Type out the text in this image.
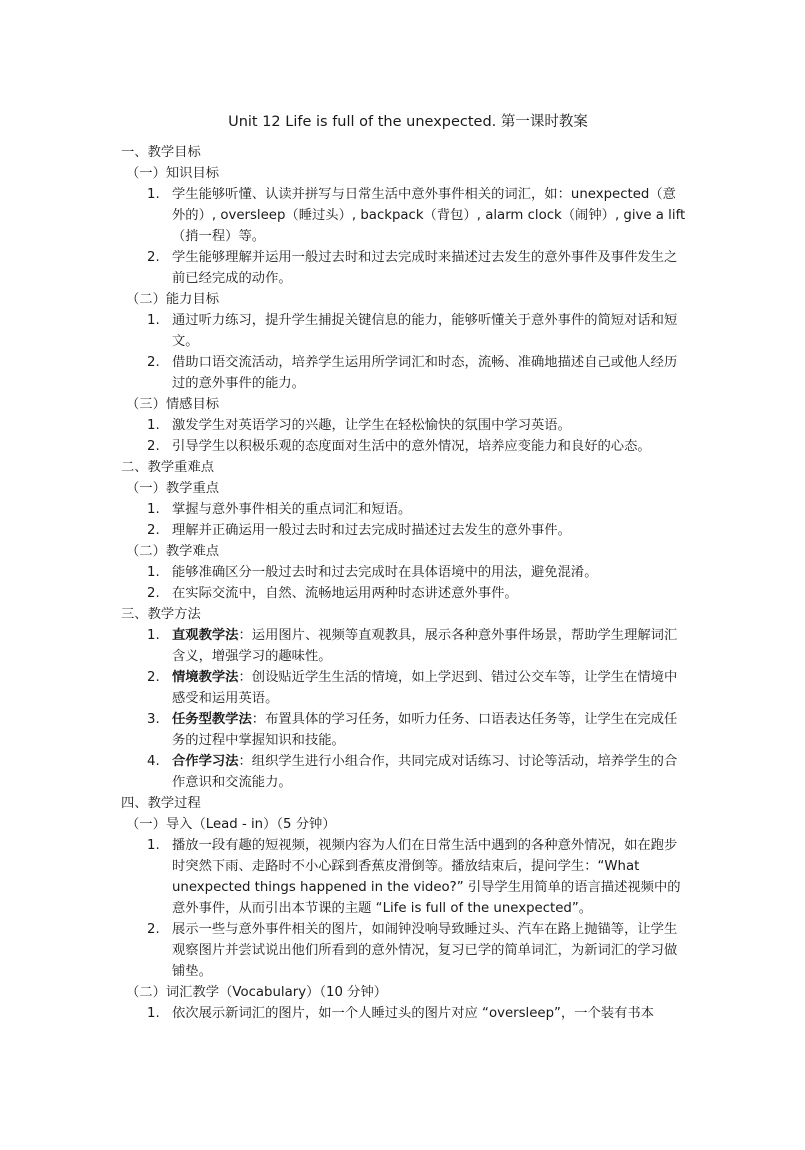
Unit 12 Life is full of the unexpected. 第一课时教案
一、教学目标
（一）知识目标
1. 学生能够听懂、认读并拼写与日常生活中意外事件相关的词汇，如：unexpected（意外的）, oversleep（睡过头）, backpack（背包）, alarm clock（闹钟）, give a lift（捎一程）等。
2. 学生能够理解并运用一般过去时和过去完成时来描述过去发生的意外事件及事件发生之前已经完成的动作。
（二）能力目标
1. 通过听力练习，提升学生捕捉关键信息的能力，能够听懂关于意外事件的简短对话和短文。
2. 借助口语交流活动，培养学生运用所学词汇和时态，流畅、准确地描述自己或他人经历过的意外事件的能力。
（三）情感目标
1. 激发学生对英语学习的兴趣，让学生在轻松愉快的氛围中学习英语。
2. 引导学生以积极乐观的态度面对生活中的意外情况，培养应变能力和良好的心态。
二、教学重难点
（一）教学重点
1. 掌握与意外事件相关的重点词汇和短语。
2. 理解并正确运用一般过去时和过去完成时描述过去发生的意外事件。
（二）教学难点
1. 能够准确区分一般过去时和过去完成时在具体语境中的用法，避免混淆。
2. 在实际交流中，自然、流畅地运用两种时态讲述意外事件。
三、教学方法
1. 直观教学法：运用图片、视频等直观教具，展示各种意外事件场景，帮助学生理解词汇含义，增强学习的趣味性。
2. 情境教学法：创设贴近学生生活的情境，如上学迟到、错过公交车等，让学生在情境中感受和运用英语。
3. 任务型教学法：布置具体的学习任务，如听力任务、口语表达任务等，让学生在完成任务的过程中掌握知识和技能。
4. 合作学习法：组织学生进行小组合作，共同完成对话练习、讨论等活动，培养学生的合作意识和交流能力。
四、教学过程
（一）导入（Lead - in）（5 分钟）
1. 播放一段有趣的短视频，视频内容为人们在日常生活中遇到的各种意外情况，如在跑步时突然下雨、走路时不小心踩到香蕉皮滑倒等。播放结束后，提问学生：“What unexpected things happened in the video?” 引导学生用简单的语言描述视频中的意外事件，从而引出本节课的主题 “Life is full of the unexpected”。
2. 展示一些与意外事件相关的图片，如闹钟没响导致睡过头、汽车在路上抛锚等，让学生观察图片并尝试说出他们所看到的意外情况，复习已学的简单词汇，为新词汇的学习做铺垫。
（二）词汇教学（Vocabulary）（10 分钟）
1. 依次展示新词汇的图片，如一个人睡过头的图片对应 “oversleep”，一个装有书本
